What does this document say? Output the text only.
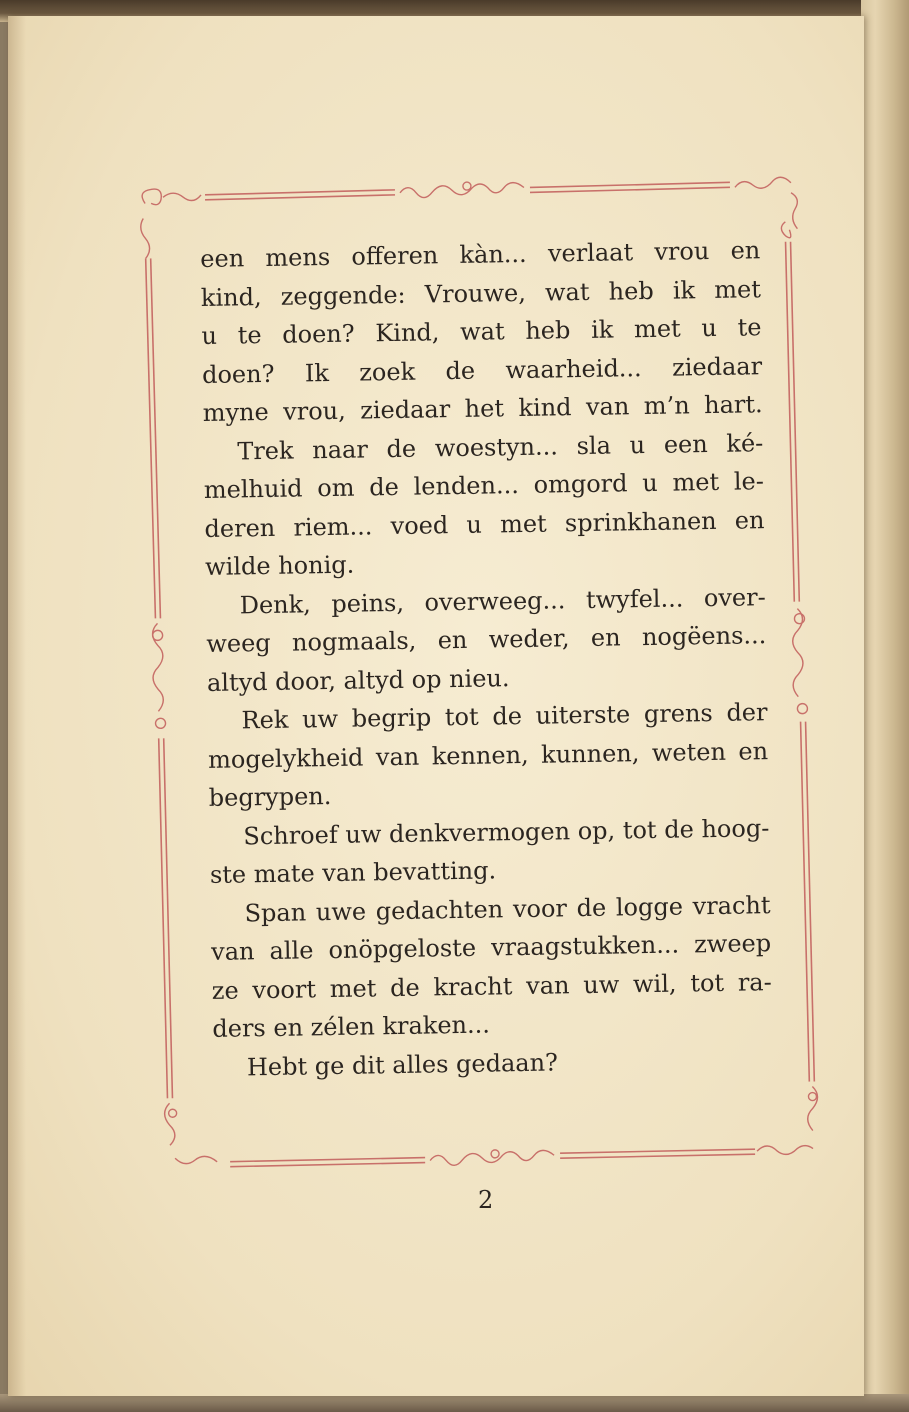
een mens offeren kàn... verlaat vrou en
kind, zeggende: Vrouwe, wat heb ik met
u te doen? Kind, wat heb ik met u te
doen? Ik zoek de waarheid... ziedaar
myne vrou, ziedaar het kind van m’n hart.
Trek naar de woestyn... sla u een ké-
melhuid om de lenden... omgord u met le-
deren riem... voed u met sprinkhanen en
wilde honig.
Denk, peins, overweeg... twyfel... over-
weeg nogmaals, en weder, en nogëens...
altyd door, altyd op nieu.
Rek uw begrip tot de uiterste grens der
mogelykheid van kennen, kunnen, weten en
begrypen.
Schroef uw denkvermogen op, tot de hoog-
ste mate van bevatting.
Span uwe gedachten voor de logge vracht
van alle onöpgeloste vraagstukken... zweep
ze voort met de kracht van uw wil, tot ra-
ders en zélen kraken...
Hebt ge dit alles gedaan?
2
